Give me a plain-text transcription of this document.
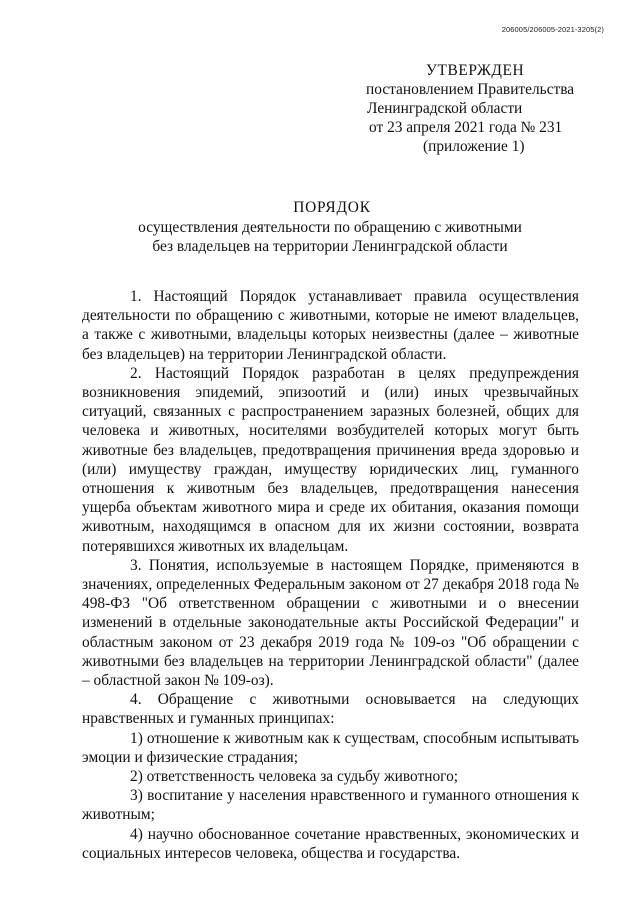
206005/206005-2021-3205(2)
УТВЕРЖДЕН
постановлением Правительства
Ленинградской области
от 23 апреля 2021 года № 231
(приложение 1)
ПОРЯДОК
осуществления деятельности по обращению с животными
без владельцев на территории Ленинградской области

1. Настоящий Порядок устанавливает правила осуществления деятельности по обращению с животными, которые не имеют владельцев, а также с животными, владельцы которых неизвестны (далее – животные без владельцев) на территории Ленинградской области.

2. Настоящий Порядок разработан в целях предупреждения возникновения эпидемий, эпизоотий и (или) иных чрезвычайных ситуаций, связанных с распространением заразных болезней, общих для человека и животных, носителями возбудителей которых могут быть животные без владельцев, предотвращения причинения вреда здоровью и (или) имуществу граждан, имуществу юридических лиц, гуманного отношения к животным без владельцев, предотвращения нанесения ущерба объектам животного мира и среде их обитания, оказания помощи животным, находящимся в опасном для их жизни состоянии, возврата потерявшихся животных их владельцам.

3. Понятия, используемые в настоящем Порядке, применяются в значениях, определенных Федеральным законом от 27 декабря 2018 года № 498-ФЗ "Об ответственном обращении с животными и о внесении изменений в отдельные законодательные акты Российской Федерации" и областным законом от 23 декабря 2019 года № 109-оз "Об обращении с животными без владельцев на территории Ленинградской области" (далее – областной закон № 109-оз).

4. Обращение с животными основывается на следующих нравственных и гуманных принципах:

1) отношение к животным как к существам, способным испытывать эмоции и физические страдания;

2) ответственность человека за судьбу животного;

3) воспитание у населения нравственного и гуманного отношения к животным;

4) научно обоснованное сочетание нравственных, экономических и социальных интересов человека, общества и государства.
